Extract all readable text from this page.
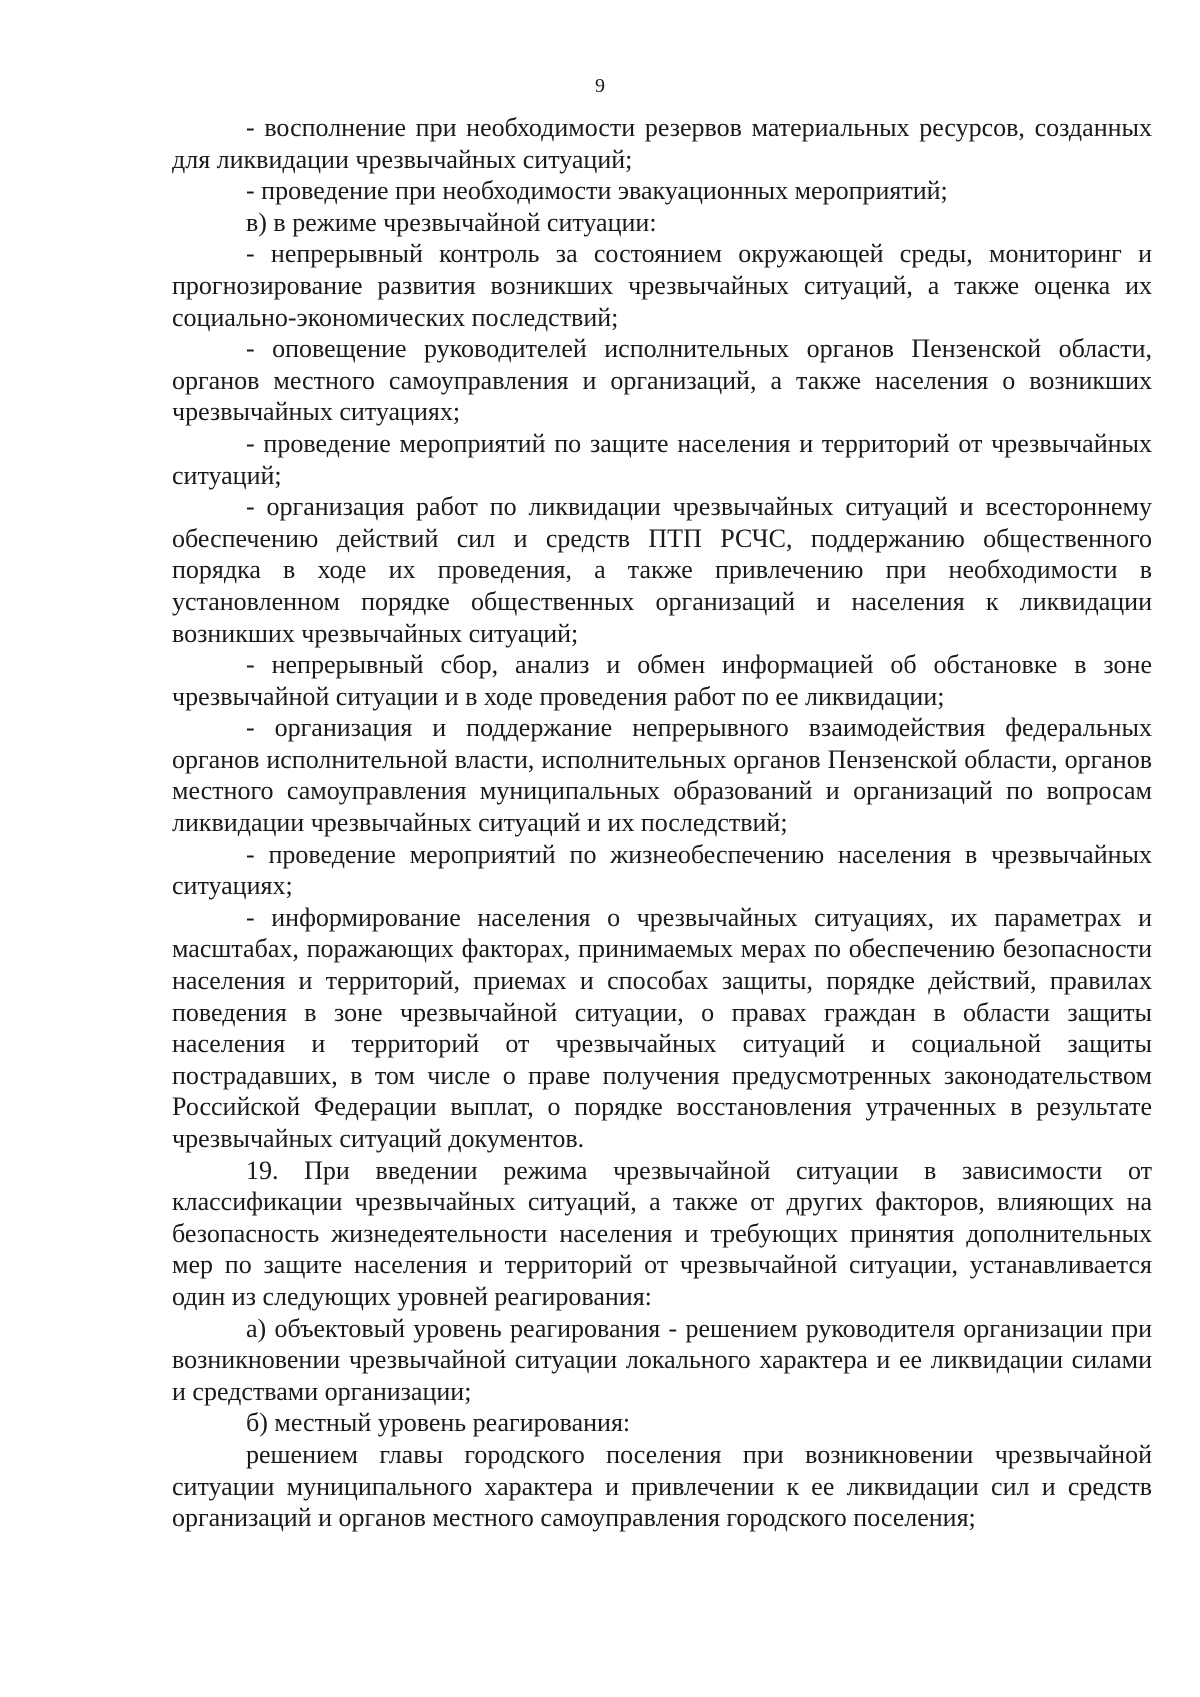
9

- восполнение при необходимости резервов материальных ресурсов, созданных для ликвидации чрезвычайных ситуаций;

- проведение при необходимости эвакуационных мероприятий;

в) в режиме чрезвычайной ситуации:

- непрерывный контроль за состоянием окружающей среды, мониторинг и прогнозирование развития возникших чрезвычайных ситуаций, а также оценка их социально-экономических последствий;

- оповещение руководителей исполнительных органов Пензенской области, органов местного самоуправления и организаций, а также населения о возникших чрезвычайных ситуациях;

- проведение мероприятий по защите населения и территорий от чрезвычайных ситуаций;

- организация работ по ликвидации чрезвычайных ситуаций и всестороннему обеспечению действий сил и средств ПТП РСЧС, поддержанию общественного порядка в ходе их проведения, а также привлечению при необходимости в установленном порядке общественных организаций и населения к ликвидации возникших чрезвычайных ситуаций;

- непрерывный сбор, анализ и обмен информацией об обстановке в зоне чрезвычайной ситуации и в ходе проведения работ по ее ликвидации;

- организация и поддержание непрерывного взаимодействия федеральных органов исполнительной власти, исполнительных органов Пензенской области, органов местного самоуправления муниципальных образований и организаций по вопросам ликвидации чрезвычайных ситуаций и их последствий;

- проведение мероприятий по жизнеобеспечению населения в чрезвычайных ситуациях;

- информирование населения о чрезвычайных ситуациях, их параметрах и масштабах, поражающих факторах, принимаемых мерах по обеспечению безопасности населения и территорий, приемах и способах защиты, порядке действий, правилах поведения в зоне чрезвычайной ситуации, о правах граждан в области защиты населения и территорий от чрезвычайных ситуаций и социальной защиты пострадавших, в том числе о праве получения предусмотренных законодательством Российской Федерации выплат, о порядке восстановления утраченных в результате чрезвычайных ситуаций документов.

19. При введении режима чрезвычайной ситуации в зависимости от классификации чрезвычайных ситуаций, а также от других факторов, влияющих на безопасность жизнедеятельности населения и требующих принятия дополнительных мер по защите населения и территорий от чрезвычайной ситуации, устанавливается один из следующих уровней реагирования:

а) объектовый уровень реагирования - решением руководителя организации при возникновении чрезвычайной ситуации локального характера и ее ликвидации силами и средствами организации;

б) местный уровень реагирования:

решением главы городского поселения при возникновении чрезвычайной ситуации муниципального характера и привлечении к ее ликвидации сил и средств организаций и органов местного самоуправления городского поселения;
